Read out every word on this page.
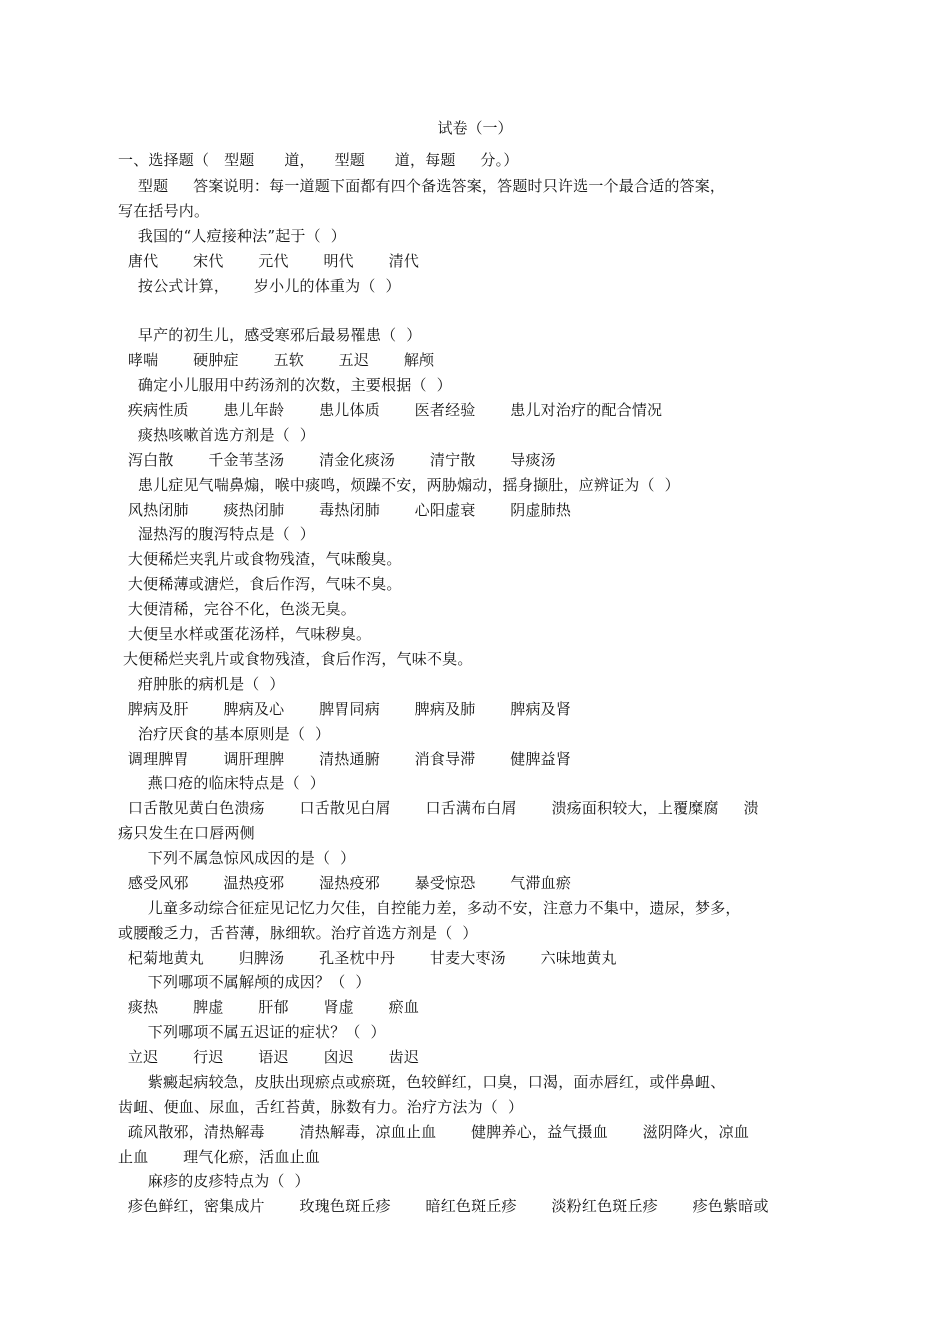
试卷（一）
一、选择题（   型题      道，    型题      道，每题     分。）
型题     答案说明：每一道题下面都有四个备选答案，答题时只许选一个最合适的答案，
写在括号内。
我国的“人痘接种法”起于（  ）
唐代       宋代       元代       明代       清代
按公式计算，     岁小儿的体重为（  ）
早产的初生儿，感受寒邪后最易罹患（  ）
哮喘       硬肿症       五软       五迟       解颅
确定小儿服用中药汤剂的次数，主要根据（  ）
疾病性质       患儿年龄       患儿体质       医者经验       患儿对治疗的配合情况
痰热咳嗽首选方剂是（  ）
泻白散       千金苇茎汤       清金化痰汤       清宁散       导痰汤
患儿症见气喘鼻煽，喉中痰鸣，烦躁不安，两胁煽动，摇身撷肚，应辨证为（  ）
风热闭肺       痰热闭肺       毒热闭肺       心阳虚衰       阴虚肺热
湿热泻的腹泻特点是（  ）
大便稀烂夹乳片或食物残渣，气味酸臭。
大便稀薄或溏烂，食后作泻，气味不臭。
大便清稀，完谷不化，色淡无臭。
大便呈水样或蛋花汤样，气味秽臭。
大便稀烂夹乳片或食物残渣，食后作泻，气味不臭。
疳肿胀的病机是（  ）
脾病及肝       脾病及心       脾胃同病       脾病及肺       脾病及肾
治疗厌食的基本原则是（  ）
调理脾胃       调肝理脾       清热通腑       消食导滞       健脾益肾
燕口疮的临床特点是（  ）
口舌散见黄白色溃疡       口舌散见白屑       口舌满布白屑       溃疡面积较大，上覆糜腐     溃
疡只发生在口唇两侧
下列不属急惊风成因的是（  ）
感受风邪       温热疫邪       湿热疫邪       暴受惊恐       气滞血瘀
儿童多动综合征症见记忆力欠佳，自控能力差，多动不安，注意力不集中，遗尿，梦多，
或腰酸乏力，舌苔薄，脉细软。治疗首选方剂是（  ）
杞菊地黄丸       归脾汤       孔圣枕中丹       甘麦大枣汤       六味地黄丸
下列哪项不属解颅的成因？（  ）
痰热       脾虚       肝郁       肾虚       瘀血
下列哪项不属五迟证的症状？（  ）
立迟       行迟       语迟       囟迟       齿迟
紫癜起病较急，皮肤出现瘀点或瘀斑，色较鲜红，口臭，口渴，面赤唇红，或伴鼻衄、
齿衄、便血、尿血，舌红苔黄，脉数有力。治疗方法为（  ）
疏风散邪，清热解毒       清热解毒，凉血止血       健脾养心，益气摄血       滋阴降火，凉血
止血       理气化瘀，活血止血
麻疹的皮疹特点为（  ）
疹色鲜红，密集成片       玫瑰色斑丘疹       暗红色斑丘疹       淡粉红色斑丘疹       疹色紫暗或
